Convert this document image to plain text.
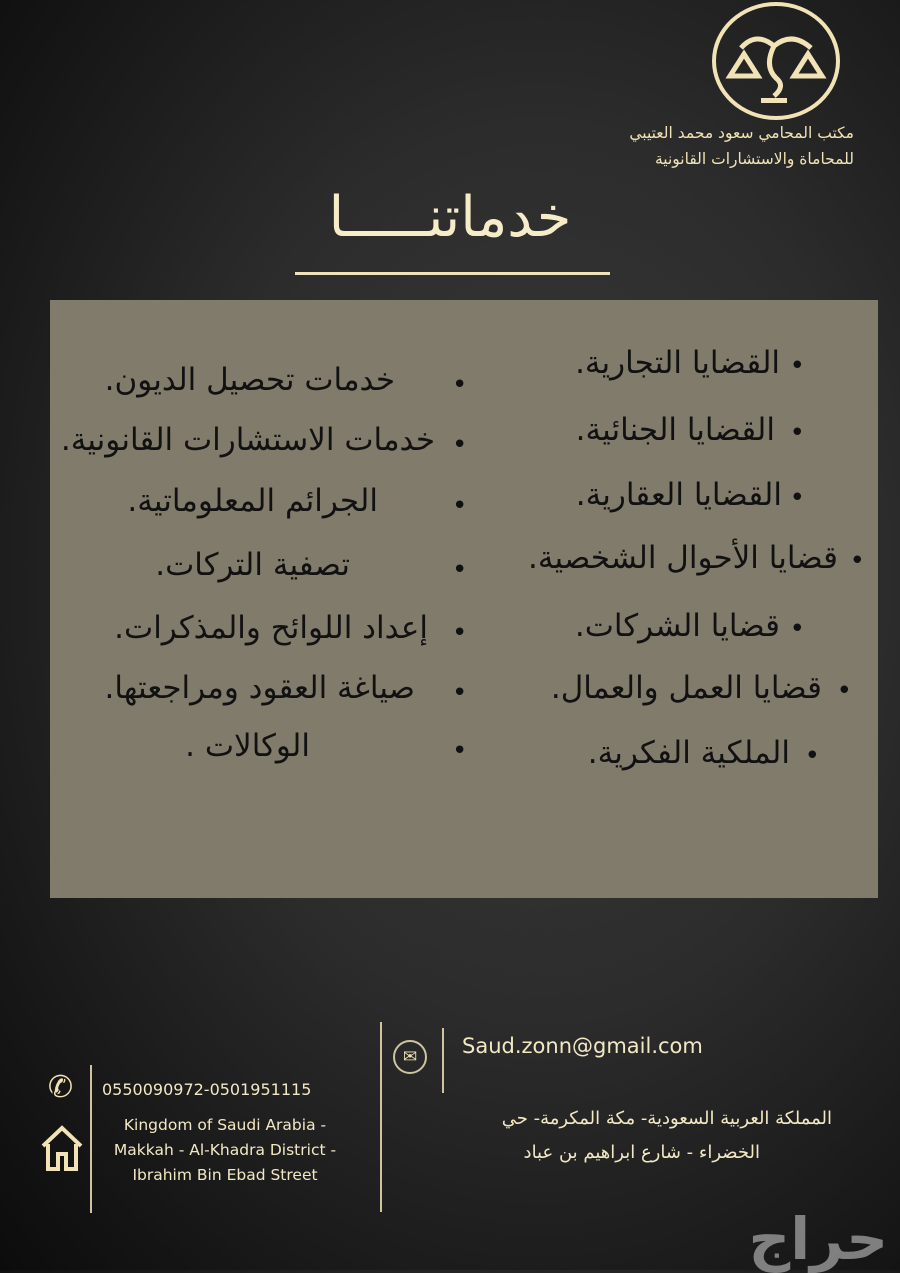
مكتب المحامي سعود محمد العتيبي
للمحاماة والاستشارات القانونية
خدماتنـــــا
القضايا التجارية. •
القضايا الجنائية. •
القضايا العقارية. •
قضايا الأحوال الشخصية. •
قضايا الشركات. •
قضايا العمل والعمال. •
الملكية الفكرية. •
خدمات تحصيل الديون. •
خدمات الاستشارات القانونية. •
الجرائم المعلوماتية.	•
تصفية التركات.	•
إعداد اللوائح والمذكرات. •
صياغة العقود ومراجعتها. •
الوكالات .	•
✉	Saud.zonn@gmail.com
المملكة العربية السعودية- مكة المكرمة- حي
الخضراء - شارع ابراهيم بن عباد
✆ 0550090972-0501951115
Kingdom of Saudi Arabia -
Makkah - Al-Khadra District -
Ibrahim Bin Ebad Street
حراج
